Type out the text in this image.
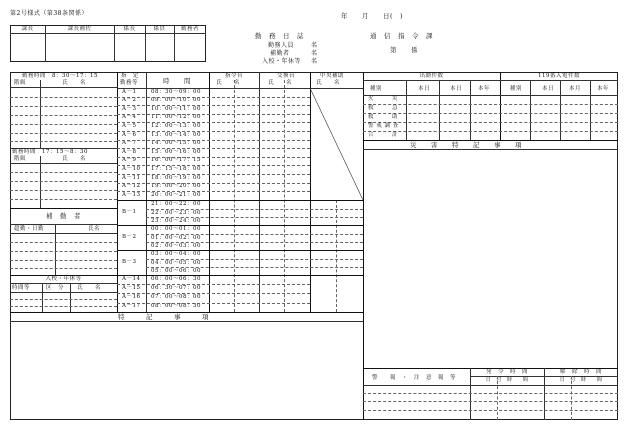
第2号様式（第38条関係）	年　　月　　日(　)
勤　務　日　誌	通　信　指　令　課
第　　係
勤務人員
補勤者
入校・年休等
名
名
名
課長	課長補佐	係長	係員	勤務者
勤務時間　8：30〜17：15
階級	氏　　名
勤務時間　17：15〜8：30
階級	氏　　名
補　勤　者
超勤・日勤	氏名
入校・年休等
時間等	区　分 氏　　名
指　定
勤務等	時　　間
指令台	交換台	中央補助
氏　　名	氏　　名	氏　　名
A－1	08：30〜09：00
A－2	09：00〜10：00
A－3	10：00〜11：00
A－4	11：00〜12：00
A－5	12：00〜13：00
A－6	13：00〜14：00
A－7	14：00〜15：00
A－8	15：00〜16：00
A－9	16：00〜17：15
A－10 17：15〜18：00
A－11 18：00〜19：00
A－12 19：00〜20：00
A－13 20：00〜21：00
B－1
21：00〜22：00
22：00〜23：00
23：00〜24：00
B－2
00：00〜01：00
01：00〜02：00
02：00〜03：00
B－3
03：00〜04：00
04：00〜05：00
05：00〜06：00
A－14 06：00〜06：30
A－15 06：30〜07：00
A－16 07：00〜08：00
A－17 08：00〜08：30
特　　　記　　　事　　　項
出動件数	119番入電件数
種別	本日	本日	本年	種別	本日	本月	本年
火　　　災
救　　　急
救　　　助
警 戒 調 査
合　　　計
災　　害　　特　　記　　事　　項
警　　報　・　注　意　報　等
発　令　時　間	解　除　時　間
日　付　時　　間	日　付　時　　間
